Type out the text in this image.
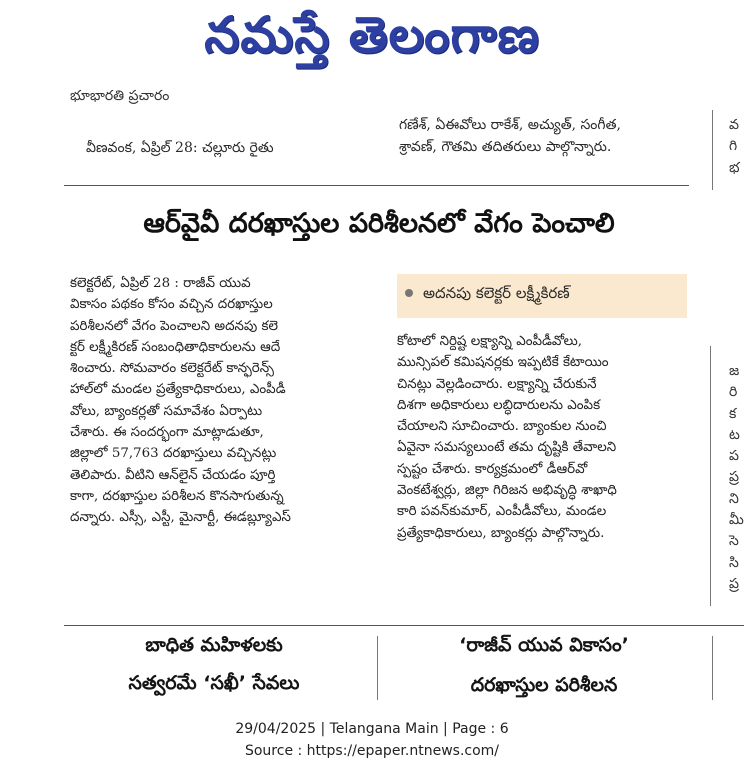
నమస్తే తెలంగాణ
భూభారతి ప్రచారం
వీణవంక, ఏప్రిల్ 28: చల్లూరు రైతు
గణేశ్, ఏఈవోలు రాకేశ్, అచ్యుత్, సంగీత,
శ్రావణ్, గౌతమి తదితరులు పాల్గొన్నారు.
వ
గి
భ
ఆర్‌వైవీ దరఖాస్తుల పరిశీలనలో వేగం పెంచాలి
అదనపు కలెక్టర్ లక్ష్మీకిరణ్
కలెక్టరేట్, ఏప్రిల్ 28 : రాజీవ్ యువ
వికాసం పథకం కోసం వచ్చిన దరఖాస్తుల
పరిశీలనలో వేగం పెంచాలని అదనపు కలె
క్టర్ లక్ష్మీకిరణ్ సంబంధితాధికారులను ఆదే
శించారు. సోమవారం కలెక్టరేట్ కాన్ఫరెన్స్
హాల్‌లో మండల ప్రత్యేకాధికారులు, ఎంపీడీ
వోలు, బ్యాంకర్లతో సమావేశం ఏర్పాటు
చేశారు. ఈ సందర్భంగా మాట్లాడుతూ,
జిల్లాలో 57,763 దరఖాస్తులు వచ్చినట్లు
తెలిపారు. వీటిని ఆన్‌లైన్ చేయడం పూర్తి
కాగా, దరఖాస్తుల పరిశీలన కొనసాగుతున్న
దన్నారు. ఎస్సీ, ఎస్టీ, మైనార్టీ, ఈడబ్ల్యూఎస్
కోటాలో నిర్దిష్ట లక్ష్యాన్ని ఎంపీడీవోలు,
మున్సిపల్ కమిషనర్లకు ఇప్పటికే కేటాయిం
చినట్లు వెల్లడించారు. లక్ష్యాన్ని చేరుకునే
దిశగా అధికారులు లబ్ధిదారులను ఎంపిక
చేయాలని సూచించారు. బ్యాంకుల నుంచి
ఏవైనా సమస్యలుంటే తమ దృష్టికి తేవాలని
స్పష్టం చేశారు. కార్యక్రమంలో డీఆర్‌వో
వెంకటేశ్వర్లు, జిల్లా గిరిజన అభివృద్ధి శాఖాధి
కారి పవన్‌కుమార్, ఎంపీడీవోలు, మండల
ప్రత్యేకాధికారులు, బ్యాంకర్లు పాల్గొన్నారు.
జ
రి
క
ట
ప
ప్ర
ని
మీ
సె
సి
ప్ర
బాధిత మహిళలకు
సత్వరమే ‘సఖీ’ సేవలు
‘రాజీవ్ యువ వికాసం’
దరఖాస్తుల పరిశీలన
29/04/2025 | Telangana Main | Page : 6
Source : https://epaper.ntnews.com/
